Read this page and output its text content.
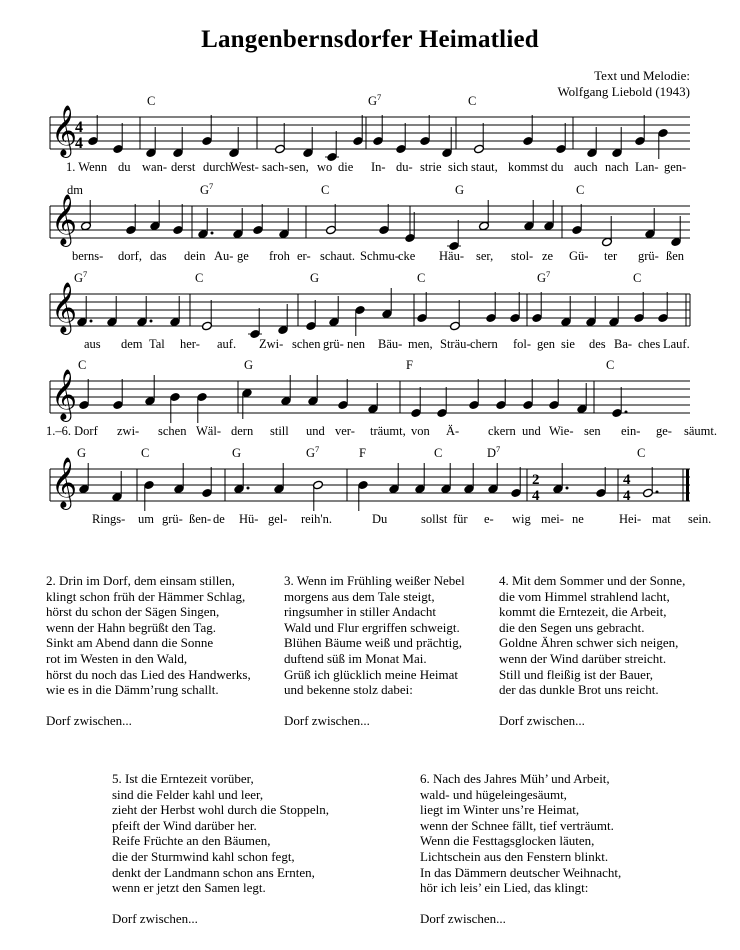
Langenbernsdorfer Heimatlied
Text und Melodie:
Wolfgang Liebold (1943)
4
4
C	$G^7$	C
1. Wenn du wan- derst durch
West- sach- sen, wo die In- du- strie sich staut, kommst du auch nach Lan- gen-
𝄞
dm	$G^7$	C	G	C
berns- dorf, das dein Au- ge froh er- schaut. Schmu- cke Häu- ser, stol- ze Gü- ter grü- ßen
𝄞
$G^7$	C	G	C	$G^7$	C
aus dem Tal her- auf. Zwi- schen grü- nen Bäu- men, Sträu- chern fol- gen sie des Ba- ches Lauf.
𝄞
C	G	F	C
1.–6. Dorf zwi- schen Wäl- dern still und ver- träumt, von Ä- ckern und Wie- sen ein- ge- säumt.
𝄞
2
4
4
4
G	C	G	$G^7$	F	C	$D^7$	C
Rings- um grü- ßen- de Hü- gel- reih'n.	Du	sollst für e- wig mei- ne	Hei- mat sein.
𝄞
2. Drin im Dorf, dem einsam stillen,
klingt schon früh der Hämmer Schlag,
hörst du schon der Sägen Singen,
wenn der Hahn begrüßt den Tag.
Sinkt am Abend dann die Sonne
rot im Westen in den Wald,
hörst du noch das Lied des Handwerks,
wie es in die Dämm’rung schallt.
Dorf zwischen...
3. Wenn im Frühling weißer Nebel
morgens aus dem Tale steigt,
ringsumher in stiller Andacht
Wald und Flur ergriffen schweigt.
Blühen Bäume weiß und prächtig,
duftend süß im Monat Mai.
Grüß ich glücklich meine Heimat
und bekenne stolz dabei:
Dorf zwischen...
4. Mit dem Sommer und der Sonne,
die vom Himmel strahlend lacht,
kommt die Erntezeit, die Arbeit,
die den Segen uns gebracht.
Goldne Ähren schwer sich neigen,
wenn der Wind darüber streicht.
Still und fleißig ist der Bauer,
der das dunkle Brot uns reicht.
Dorf zwischen...
5. Ist die Erntezeit vorüber,
sind die Felder kahl und leer,
zieht der Herbst wohl durch die Stoppeln,
pfeift der Wind darüber her.
Reife Früchte an den Bäumen,
die der Sturmwind kahl schon fegt,
denkt der Landmann schon ans Ernten,
wenn er jetzt den Samen legt.
Dorf zwischen...
6. Nach des Jahres Müh’ und Arbeit,
wald- und hügeleingesäumt,
liegt im Winter uns’re Heimat,
wenn der Schnee fällt, tief verträumt.
Wenn die Festtagsglocken läuten,
Lichtschein aus den Fenstern blinkt.
In das Dämmern deutscher Weihnacht,
hör ich leis’ ein Lied, das klingt:
Dorf zwischen...
